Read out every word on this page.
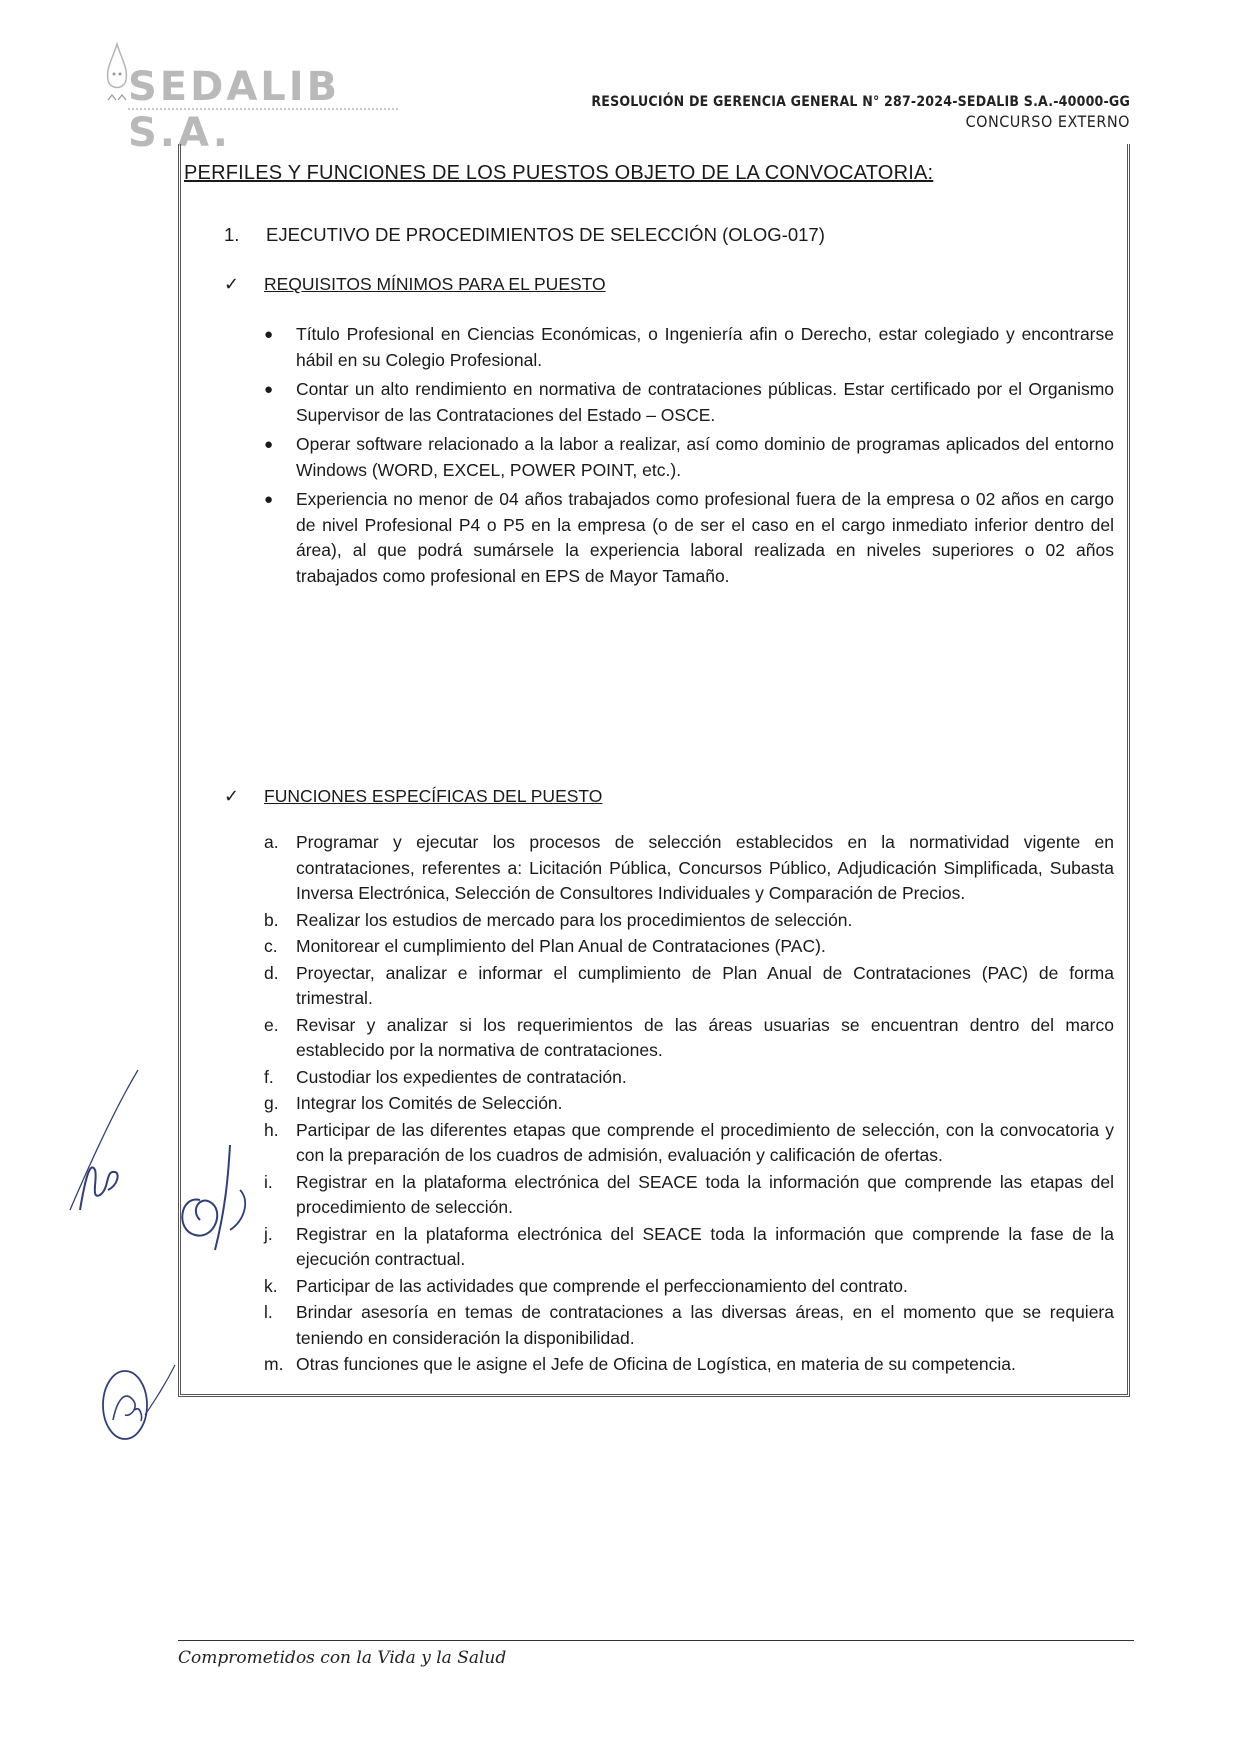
SEDALIB S.A.
RESOLUCIÓN DE GERENCIA GENERAL N° 287-2024-SEDALIB S.A.-40000-GG
CONCURSO EXTERNO
PERFILES Y FUNCIONES DE LOS PUESTOS OBJETO DE LA CONVOCATORIA:
1. EJECUTIVO DE PROCEDIMIENTOS DE SELECCIÓN (OLOG-017)
✓ REQUISITOS MÍNIMOS PARA EL PUESTO
● Título Profesional en Ciencias Económicas, o Ingeniería afin o Derecho, estar colegiado y encontrarse hábil en su Colegio Profesional.
● Contar un alto rendimiento en normativa de contrataciones públicas. Estar certificado por el Organismo Supervisor de las Contrataciones del Estado – OSCE.
● Operar software relacionado a la labor a realizar, así como dominio de programas aplicados del entorno Windows (WORD, EXCEL, POWER POINT, etc.).
● Experiencia no menor de 04 años trabajados como profesional fuera de la empresa o 02 años en cargo de nivel Profesional P4 o P5 en la empresa (o de ser el caso en el cargo inmediato inferior dentro del área), al que podrá sumársele la experiencia laboral realizada en niveles superiores o 02 años trabajados como profesional en EPS de Mayor Tamaño.
✓ FUNCIONES ESPECÍFICAS DEL PUESTO
a. Programar y ejecutar los procesos de selección establecidos en la normatividad vigente en contrataciones, referentes a: Licitación Pública, Concursos Público, Adjudicación Simplificada, Subasta Inversa Electrónica, Selección de Consultores Individuales y Comparación de Precios.
b. Realizar los estudios de mercado para los procedimientos de selección.
c. Monitorear el cumplimiento del Plan Anual de Contrataciones (PAC).
d. Proyectar, analizar e informar el cumplimiento de Plan Anual de Contrataciones (PAC) de forma trimestral.
e. Revisar y analizar si los requerimientos de las áreas usuarias se encuentran dentro del marco establecido por la normativa de contrataciones.
f. Custodiar los expedientes de contratación.
g. Integrar los Comités de Selección.
h. Participar de las diferentes etapas que comprende el procedimiento de selección, con la convocatoria y con la preparación de los cuadros de admisión, evaluación y calificación de ofertas.
i. Registrar en la plataforma electrónica del SEACE toda la información que comprende las etapas del procedimiento de selección.
j. Registrar en la plataforma electrónica del SEACE toda la información que comprende la fase de la ejecución contractual.
k. Participar de las actividades que comprende el perfeccionamiento del contrato.
l. Brindar asesoría en temas de contrataciones a las diversas áreas, en el momento que se requiera teniendo en consideración la disponibilidad.
m. Otras funciones que le asigne el Jefe de Oficina de Logística, en materia de su competencia.
Comprometidos con la Vida y la Salud
